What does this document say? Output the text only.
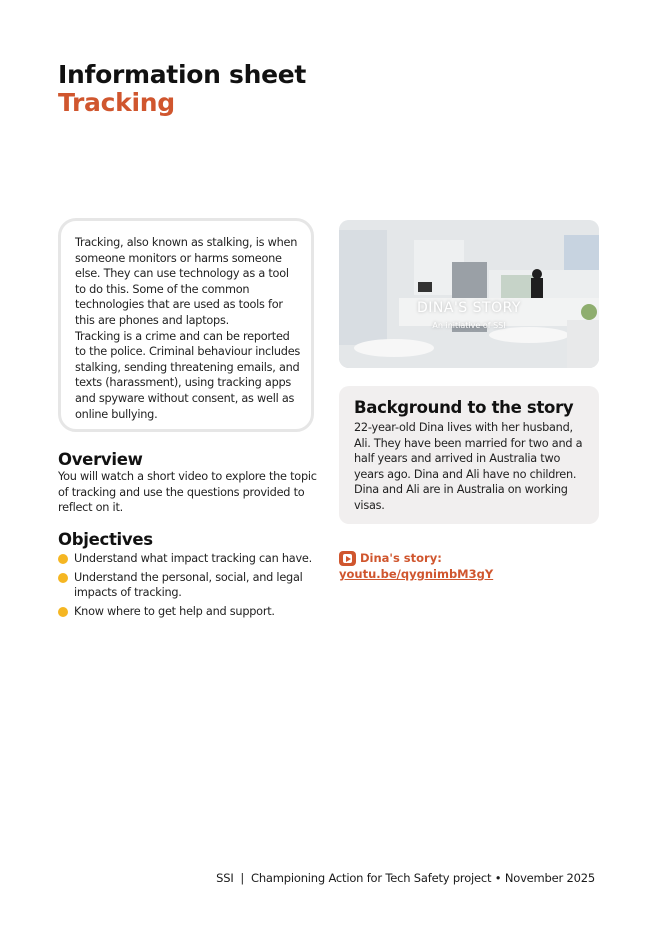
Information sheet
Tracking

Tracking, also known as stalking, is when someone monitors or harms someone else. They can use technology as a tool to do this. Some of the common technologies that are used as tools for this are phones and laptops.

Tracking is a crime and can be reported to the police. Criminal behaviour includes stalking, sending threatening emails, and texts (harassment), using tracking apps and spyware without consent, as well as online bullying.

Overview
You will watch a short video to explore the topic of tracking and use the questions provided to reflect on it.
Objectives
Understand what impact tracking can have.
Understand the personal, social, and legal impacts of tracking.
Know where to get help and support.
DINA'S STORY
An initiative of SSI
Background to the story
22-year-old Dina lives with her husband, Ali. They have been married for two and a half years and arrived in Australia two years ago. Dina and Ali have no children. Dina and Ali are in Australia on working visas.
Dina's story:
youtu.be/qygnimbM3gY
SSI  |  Championing Action for Tech Safety project • November 2025
